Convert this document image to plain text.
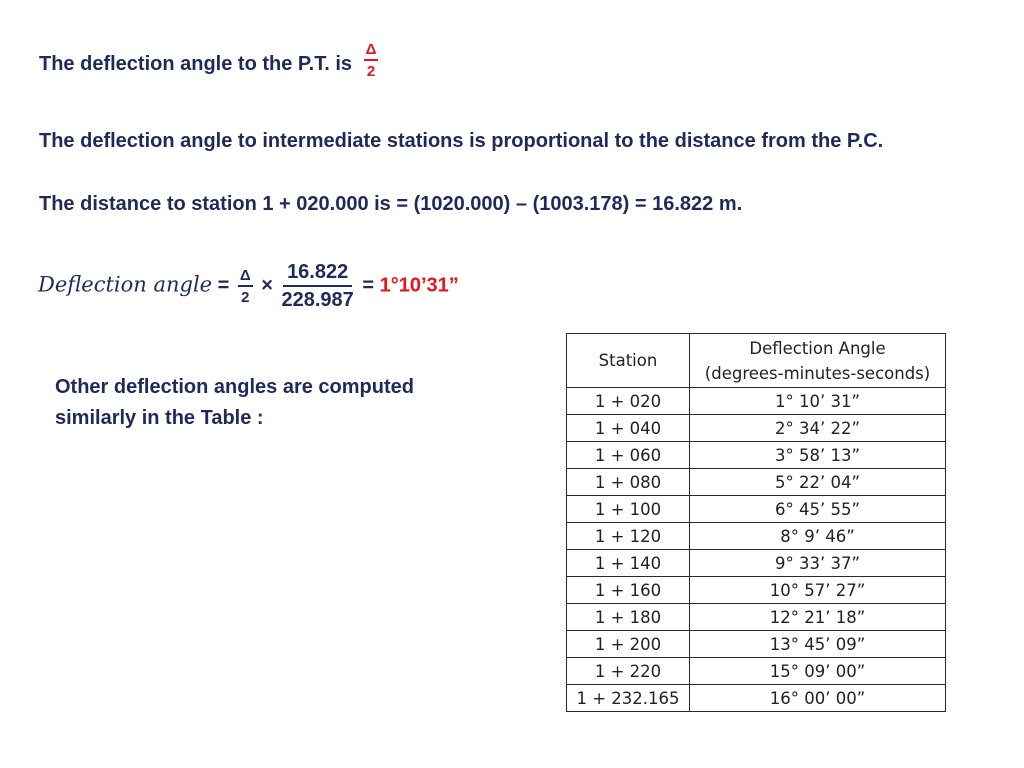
The deflection angle to the P.T. is $\frac{\Delta}{2}$
The deflection angle to intermediate stations is proportional to the distance from the P.C.
The distance to station 1 + 020.000 is = (1020.000) – (1003.178) = 16.822 m.
Deflection angle = $\frac{\Delta}{2} \times \frac{16.822}{228.987}$ = 1°10’31”
Other deflection angles are computed
similarly in the Table :
Station	Deflection Angle
(degrees-minutes-seconds)

1 + 020	1° 10’ 31”
1 + 040	2° 34’ 22”
1 + 060	3° 58’ 13”
1 + 080	5° 22’ 04”
1 + 100	6° 45’ 55”
1 + 120	8° 9’ 46”
1 + 140	9° 33’ 37”
1 + 160	10° 57’ 27”
1 + 180	12° 21’ 18”
1 + 200	13° 45’ 09”
1 + 220	15° 09’ 00”
1 + 232.165	16° 00’ 00”
